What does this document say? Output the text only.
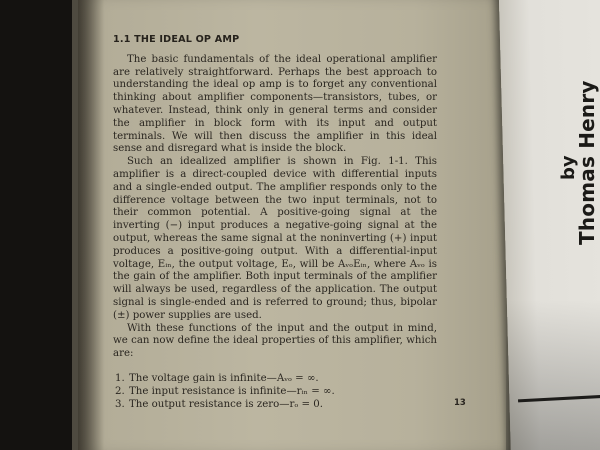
by
Thomas Henry
1.1 THE IDEAL OP AMP

The basic fundamentals of the ideal operational amplifier are relatively straightforward. Perhaps the best approach to understanding the ideal op amp is to forget any conventional thinking about amplifier components—transistors, tubes, or whatever. Instead, think only in general terms and consider the amplifier in block form with its input and output terminals. We will then discuss the amplifier in this ideal sense and disregard what is inside the block.

Such an idealized amplifier is shown in Fig. 1-1. This amplifier is a direct-coupled device with differential inputs and a single-ended output. The amplifier responds only to the difference voltage between the two input terminals, not to their common potential. A positive-going signal at the inverting (−) input produces a negative-going signal at the output, whereas the same signal at the noninverting (+) input produces a positive-going output. With a differential-input voltage, Eᵢₙ, the output voltage, Eₒ, will be AᵥₒEᵢₙ, where Aᵥₒ is the gain of the amplifier. Both input terminals of the amplifier will always be used, regardless of the application. The output signal is single-ended and is referred to ground; thus, bipolar (±) power supplies are used.

With these functions of the input and the output in mind, we can now define the ideal properties of this amplifier, which are:

1. The voltage gain is infinite—Aᵥₒ = ∞.
2. The input resistance is infinite—rᵢₙ = ∞.
3. The output resistance is zero—rₒ = 0.	13
